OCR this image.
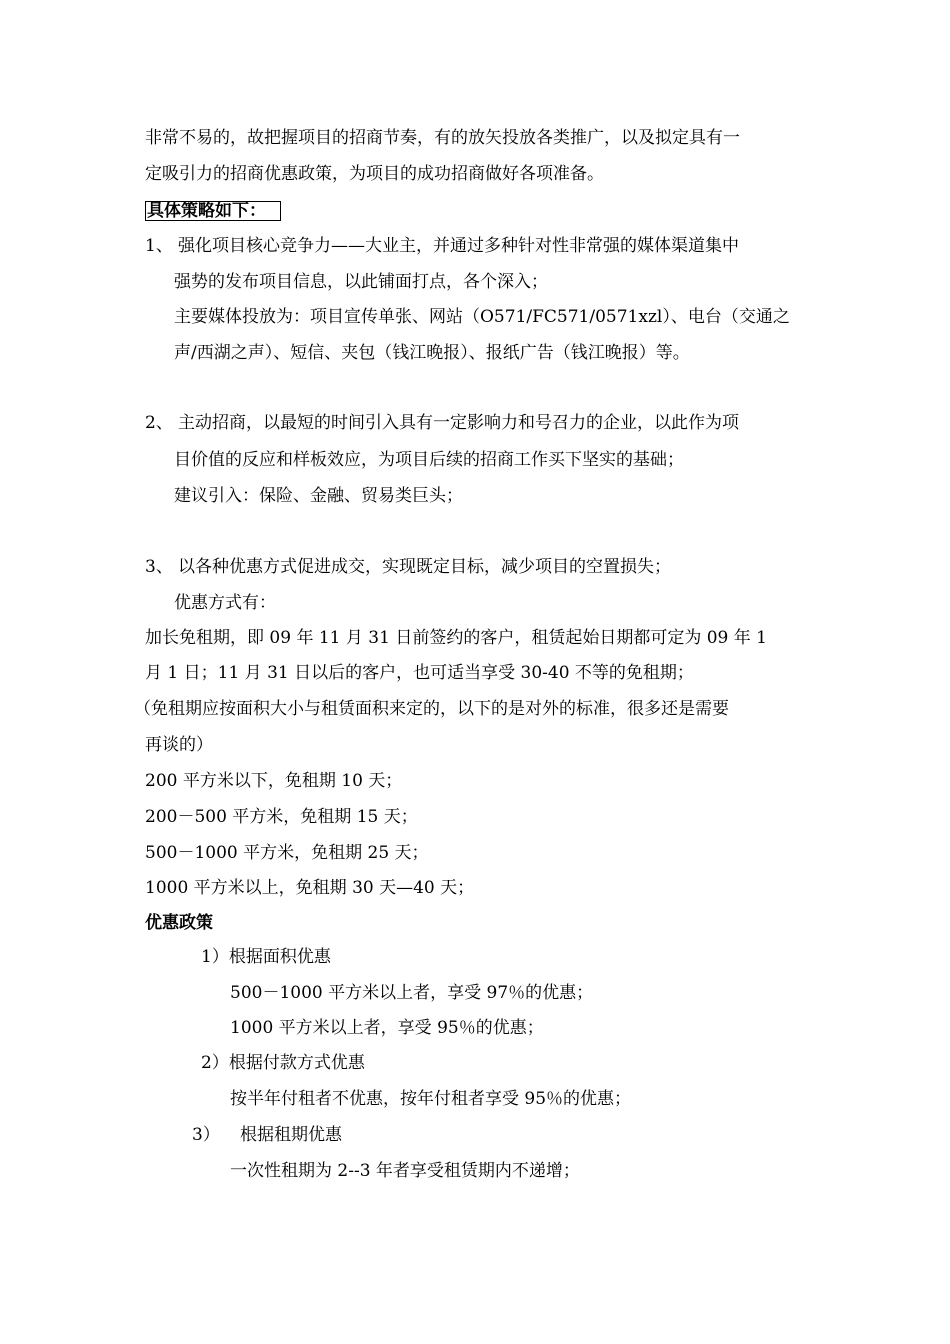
非常不易的，故把握项目的招商节奏，有的放矢投放各类推广，以及拟定具有一
定吸引力的招商优惠政策，为项目的成功招商做好各项准备。
具体策略如下：
1、 强化项目核心竞争力——大业主，并通过多种针对性非常强的媒体渠道集中
强势的发布项目信息，以此铺面打点，各个深入；
主要媒体投放为：项目宣传单张、网站（O571/FC571/0571xzl）、电台（交通之
声/西湖之声）、短信、夹包（钱江晚报）、报纸广告（钱江晚报）等。
2、 主动招商，以最短的时间引入具有一定影响力和号召力的企业，以此作为项
目价值的反应和样板效应，为项目后续的招商工作买下坚实的基础；
建议引入：保险、金融、贸易类巨头；
3、 以各种优惠方式促进成交，实现既定目标，减少项目的空置损失；
优惠方式有：
加长免租期，即 09 年 11 月 31 日前签约的客户，租赁起始日期都可定为 09 年 1
月 1 日；11 月 31 日以后的客户，也可适当享受 30-40 不等的免租期；
（免租期应按面积大小与租赁面积来定的，以下的是对外的标准，很多还是需要
再谈的）
200 平方米以下，免租期 10 天；
200－500 平方米，免租期 15 天；
500－1000 平方米，免租期 25 天；
1000 平方米以上，免租期 30 天—40 天；
优惠政策
1）根据面积优惠
500－1000 平方米以上者，享受 97％的优惠；
1000 平方米以上者，享受 95％的优惠；
2）根据付款方式优惠
按半年付租者不优惠，按年付租者享受 95％的优惠；
3） 根据租期优惠
一次性租期为 2--3 年者享受租赁期内不递增；
